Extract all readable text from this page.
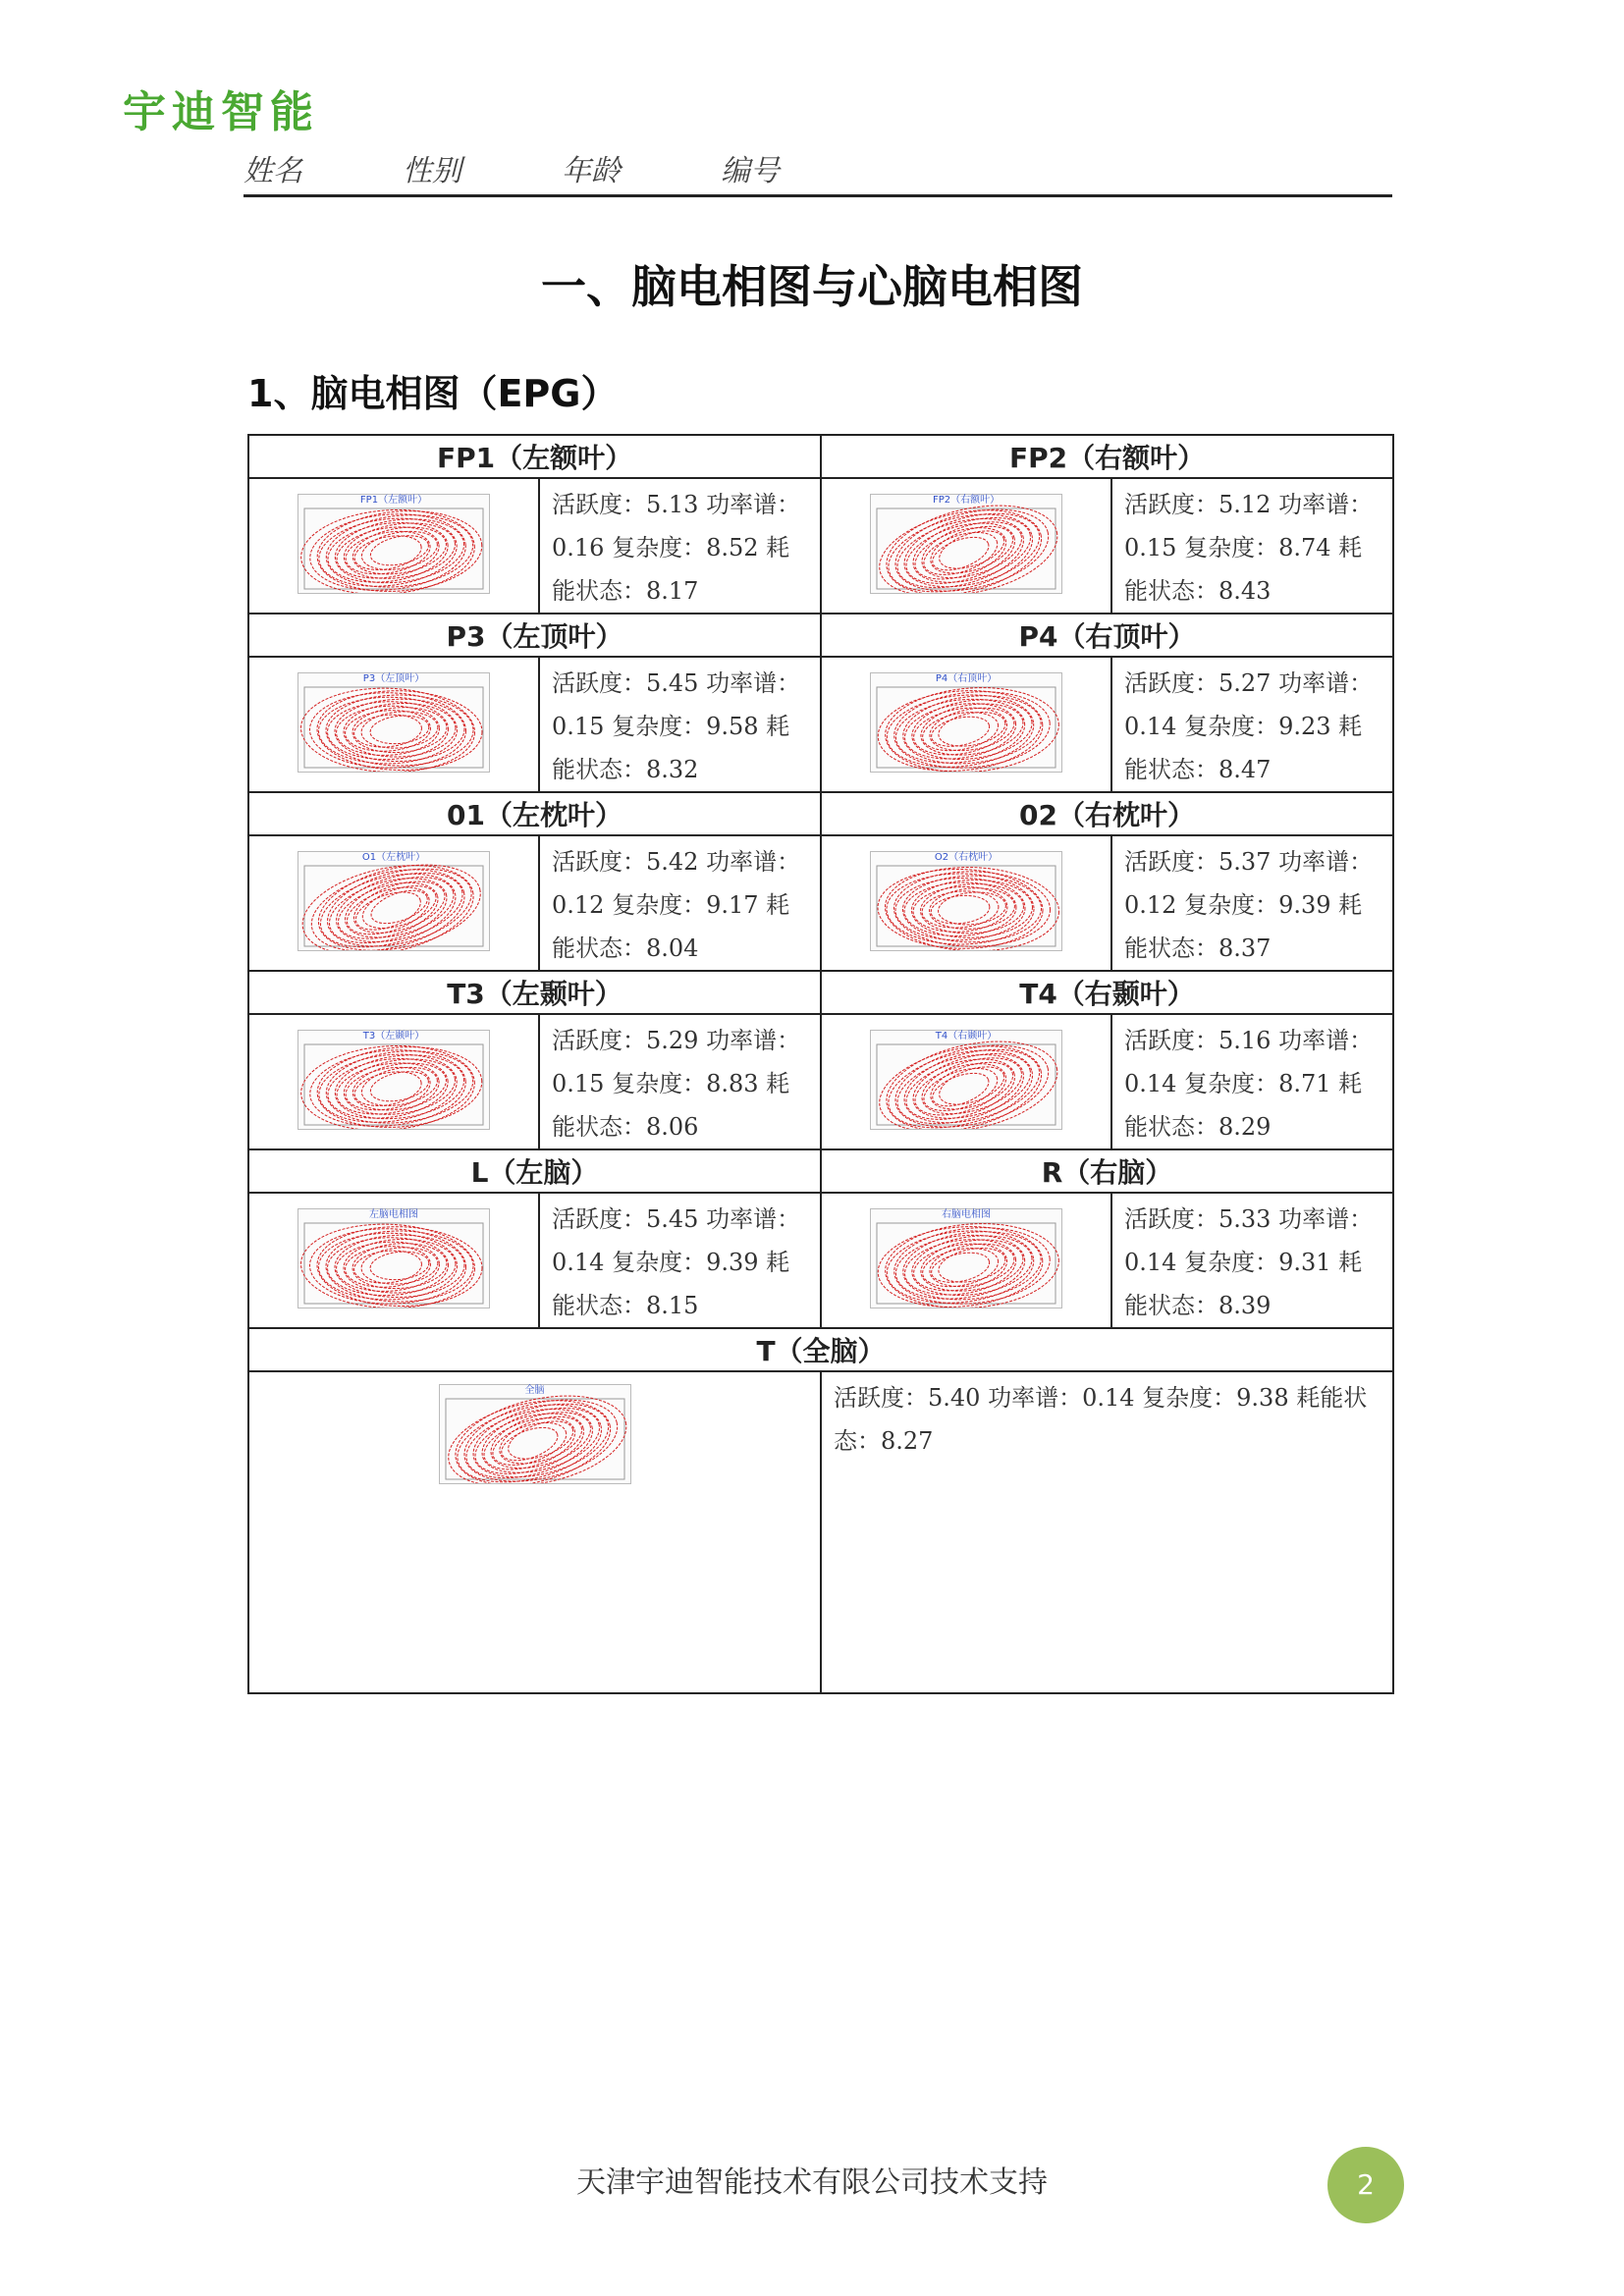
宇迪智能
姓名	性别	年龄	编号
一、脑电相图与心脑电相图
1、脑电相图（EPG）
FP1（左额叶）		FP2（右额叶）	

FP1（左额叶）	活跃度：5.13 功率谱：0.16 复杂度：8.52 耗能状态：8.17	FP2（右额叶）	活跃度：5.12 功率谱：0.15 复杂度：8.74 耗能状态：8.43

P3（左顶叶）		P4（右顶叶）	

P3（左顶叶）	活跃度：5.45 功率谱：0.15 复杂度：9.58 耗能状态：8.32	P4（右顶叶）	活跃度：5.27 功率谱：0.14 复杂度：9.23 耗能状态：8.47

01（左枕叶）		02（右枕叶）	

O1（左枕叶）	活跃度：5.42 功率谱：0.12 复杂度：9.17 耗能状态：8.04	O2（右枕叶）	活跃度：5.37 功率谱：0.12 复杂度：9.39 耗能状态：8.37

T3（左颞叶）		T4（右颞叶）	

T3（左颞叶）	活跃度：5.29 功率谱：0.15 复杂度：8.83 耗能状态：8.06	T4（右颞叶）	活跃度：5.16 功率谱：0.14 复杂度：8.71 耗能状态：8.29

L（左脑）		R（右脑）	

左脑电相图	活跃度：5.45 功率谱：0.14 复杂度：9.39 耗能状态：8.15	右脑电相图	活跃度：5.33 功率谱：0.14 复杂度：9.31 耗能状态：8.39

T（全脑）			

全脑		活跃度：5.40 功率谱：0.14 复杂度：9.38 耗能状态：8.27	
天津宇迪智能技术有限公司技术支持	2
